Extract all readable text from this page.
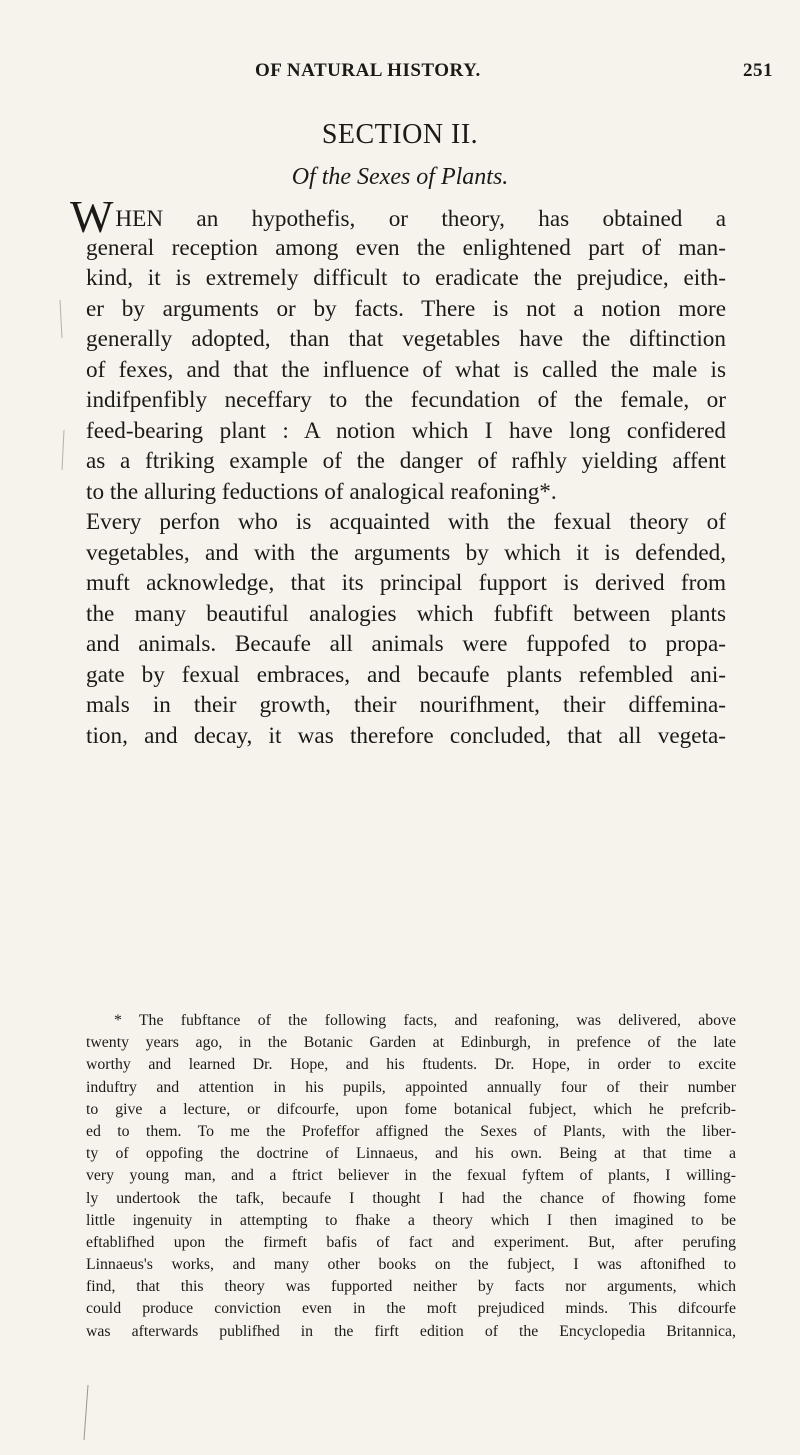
OF NATURAL HISTORY.	251
SECTION II.
Of the Sexes of Plants.
WHEN an hypothefis, or theory, has obtained a
general reception among even the enlightened part of man-
kind, it is extremely difficult to eradicate the prejudice, eith-
er by arguments or by facts. There is not a notion more
generally adopted, than that vegetables have the diftinction
of fexes, and that the influence of what is called the male is
indifpenfibly neceffary to the fecundation of the female, or
feed-bearing plant : A notion which I have long confidered
as a ftriking example of the danger of rafhly yielding affent
to the alluring feductions of analogical reafoning*.
Every perfon who is acquainted with the fexual theory of
vegetables, and with the arguments by which it is defended,
muft acknowledge, that its principal fupport is derived from
the many beautiful analogies which fubfift between plants
and animals. Becaufe all animals were fuppofed to propa-
gate by fexual embraces, and becaufe plants refembled ani-
mals in their growth, their nourifhment, their diffemina-
tion, and decay, it was therefore concluded, that all vegeta-
* The fubftance of the following facts, and reafoning, was delivered, above
twenty years ago, in the Botanic Garden at Edinburgh, in prefence of the late
worthy and learned Dr. Hope, and his ftudents. Dr. Hope, in order to excite
induftry and attention in his pupils, appointed annually four of their number
to give a lecture, or difcourfe, upon fome botanical fubject, which he prefcrib-
ed to them. To me the Profeffor affigned the Sexes of Plants, with the liber-
ty of oppofing the doctrine of Linnaeus, and his own. Being at that time a
very young man, and a ftrict believer in the fexual fyftem of plants, I willing-
ly undertook the tafk, becaufe I thought I had the chance of fhowing fome
little ingenuity in attempting to fhake a theory which I then imagined to be
eftablifhed upon the firmeft bafis of fact and experiment. But, after perufing
Linnaeus's works, and many other books on the fubject, I was aftonifhed to
find, that this theory was fupported neither by facts nor arguments, which
could produce conviction even in the moft prejudiced minds. This difcourfe
was afterwards publifhed in the firft edition of the Encyclopedia Britannica,
